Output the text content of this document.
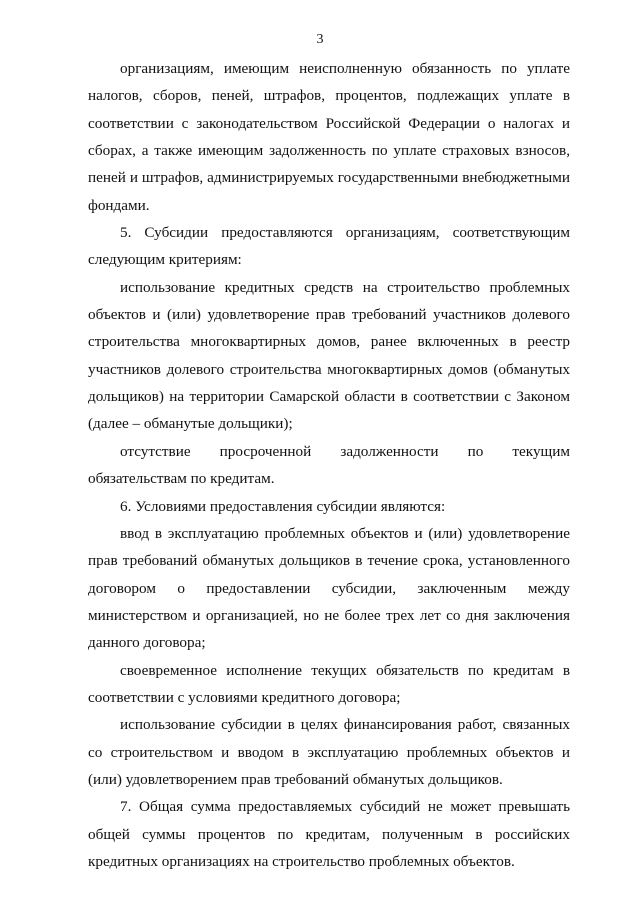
3

организациям, имеющим неисполненную обязанность по уплате налогов, сборов, пеней, штрафов, процентов, подлежащих уплате в соответствии с законодательством Российской Федерации о налогах и сборах, а также имеющим задолженность по уплате страховых взносов, пеней и штрафов, администрируемых государственными внебюджетными фондами.

5. Субсидии предоставляются организациям, соответствующим следующим критериям:

использование кредитных средств на строительство проблемных объектов и (или) удовлетворение прав требований участников долевого строительства многоквартирных домов, ранее включенных в реестр участников долевого строительства многоквартирных домов (обманутых дольщиков) на территории Самарской области в соответствии с Законом (далее – обманутые дольщики);

отсутствие просроченной задолженности по текущим обязательствам по кредитам.

6. Условиями предоставления субсидии являются:

ввод в эксплуатацию проблемных объектов и (или) удовлетворение прав требований обманутых дольщиков в течение срока, установленного договором о предоставлении субсидии, заключенным между министерством и организацией, но не более трех лет со дня заключения данного договора;

своевременное исполнение текущих обязательств по кредитам в соответствии с условиями кредитного договора;

использование субсидии в целях финансирования работ, связанных со строительством и вводом в эксплуатацию проблемных объектов и (или) удовлетворением прав требований обманутых дольщиков.

7. Общая сумма предоставляемых субсидий не может превышать общей суммы процентов по кредитам, полученным в российских кредитных организациях на строительство проблемных объектов.
